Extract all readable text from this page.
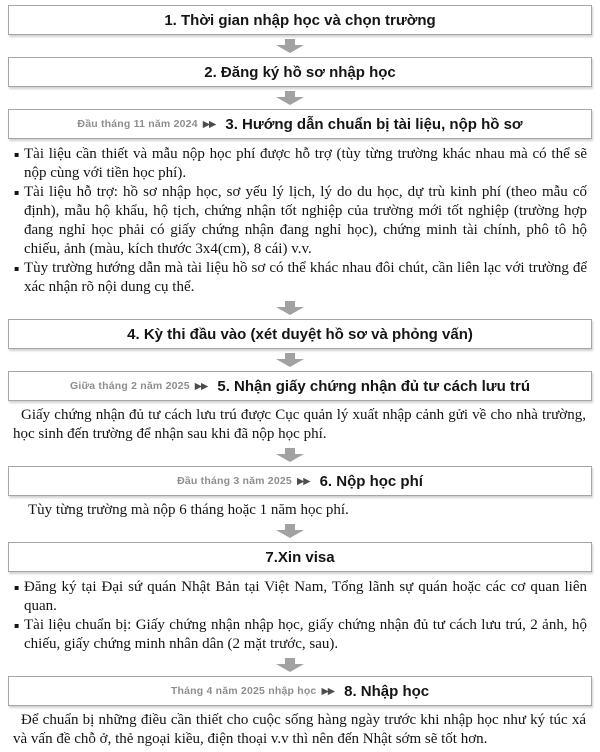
1. Thời gian nhập học và chọn trường
2. Đăng ký hồ sơ nhập học
Đầu tháng 11 năm 2024 ▶▶ 3. Hướng dẫn chuẩn bị tài liệu, nộp hồ sơ
▪ Tài liệu cần thiết và mẫu nộp học phí được hỗ trợ (tùy từng trường khác nhau mà có thể sẽ nộp cùng với tiền học phí).
▪ Tài liệu hỗ trợ: hồ sơ nhập học, sơ yếu lý lịch, lý do du học, dự trù kinh phí (theo mẫu cố định), mẫu hộ khẩu, hộ tịch, chứng nhận tốt nghiệp của trường mới tốt nghiệp (trường hợp đang nghỉ học phải có giấy chứng nhận đang nghỉ học), chứng minh tài chính, phô tô hộ chiếu, ảnh (màu, kích thước 3x4(cm), 8 cái) v.v.
▪ Tùy trường hướng dẫn mà tài liệu hồ sơ có thể khác nhau đôi chút, cần liên lạc với trường để xác nhận rõ nội dung cụ thể.
4. Kỳ thi đầu vào (xét duyệt hồ sơ và phỏng vấn)
Giữa tháng 2 năm 2025 ▶▶ 5. Nhận giấy chứng nhận đủ tư cách lưu trú

Giấy chứng nhận đủ tư cách lưu trú được Cục quản lý xuất nhập cảnh gửi về cho nhà trường, học sinh đến trường để nhận sau khi đã nộp học phí.

Đầu tháng 3 năm 2025 ▶▶ 6. Nộp học phí

Tùy từng trường mà nộp 6 tháng hoặc 1 năm học phí.

7.Xin visa
▪ Đăng ký tại Đại sứ quán Nhật Bản tại Việt Nam, Tổng lãnh sự quán hoặc các cơ quan liên quan.
▪ Tài liệu chuẩn bị: Giấy chứng nhận nhập học, giấy chứng nhận đủ tư cách lưu trú, 2 ảnh, hộ chiếu, giấy chứng minh nhân dân (2 mặt trước, sau).
Tháng 4 năm 2025 nhập học ▶▶ 8. Nhập học

Để chuẩn bị những điều cần thiết cho cuộc sống hàng ngày trước khi nhập học như ký túc xá và vấn đề chỗ ở, thẻ ngoại kiều, điện thoại v.v thì nên đến Nhật sớm sẽ tốt hơn.
